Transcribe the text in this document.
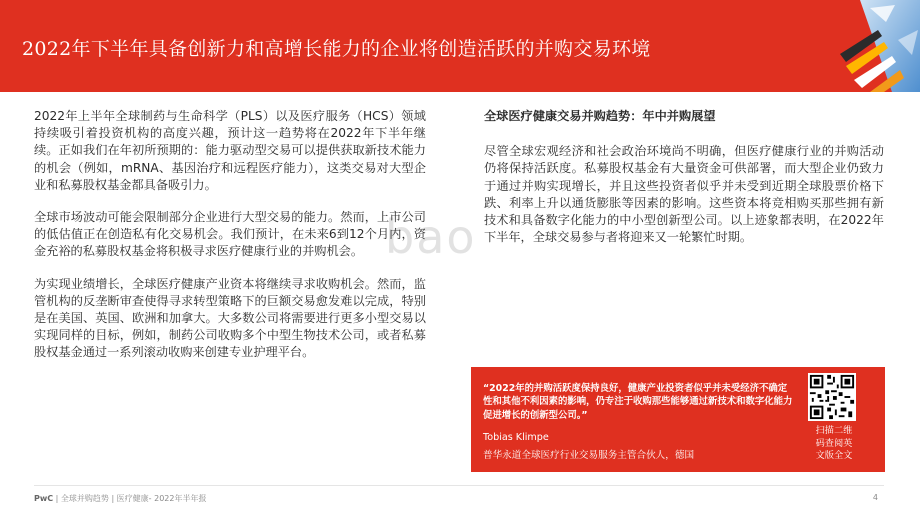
2022年下半年具备创新力和高增长能力的企业将创造活跃的并购交易环境
bao

2022年上半年全球制药与生命科学（PLS）以及医疗服务（HCS）领域持续吸引着投资机构的高度兴趣，预计这一趋势将在2022年下半年继续。正如我们在年初所预期的：能力驱动型交易可以提供获取新技术能力的机会（例如，mRNA、基因治疗和远程医疗能力），这类交易对大型企业和私募股权基金都具备吸引力。

全球市场波动可能会限制部分企业进行大型交易的能力。然而，上市公司的低估值正在创造私有化交易机会。我们预计，在未来6到12个月内，资金充裕的私募股权基金将积极寻求医疗健康行业的并购机会。

为实现业绩增长，全球医疗健康产业资本将继续寻求收购机会。然而，监管机构的反垄断审查使得寻求转型策略下的巨额交易愈发难以完成，特别是在美国、英国、欧洲和加拿大。大多数公司将需要进行更多小型交易以实现同样的目标，例如，制药公司收购多个中型生物技术公司，或者私募股权基金通过一系列滚动收购来创建专业护理平台。

全球医疗健康交易并购趋势：年中并购展望

尽管全球宏观经济和社会政治环境尚不明确，但医疗健康行业的并购活动仍将保持活跃度。私募股权基金有大量资金可供部署，而大型企业仍致力于通过并购实现增长，并且这些投资者似乎并未受到近期全球股票价格下跌、利率上升以通货膨胀等因素的影响。这些资本将竞相购买那些拥有新技术和具备数字化能力的中小型创新型公司。以上迹象都表明，在2022年下半年，全球交易参与者将迎来又一轮繁忙时期。

“2022年的并购活跃度保持良好，健康产业投资者似乎并未受经济不确定性和其他不利因素的影响，仍专注于收购那些能够通过新技术和数字化能力促进增长的创新型公司。”
Tobias Klimpe
普华永道全球医疗行业交易服务主管合伙人，德国
扫描二维
码查阅英
文版全文
PwC | 全球并购趋势 | 医疗健康- 2022年半年报	4
